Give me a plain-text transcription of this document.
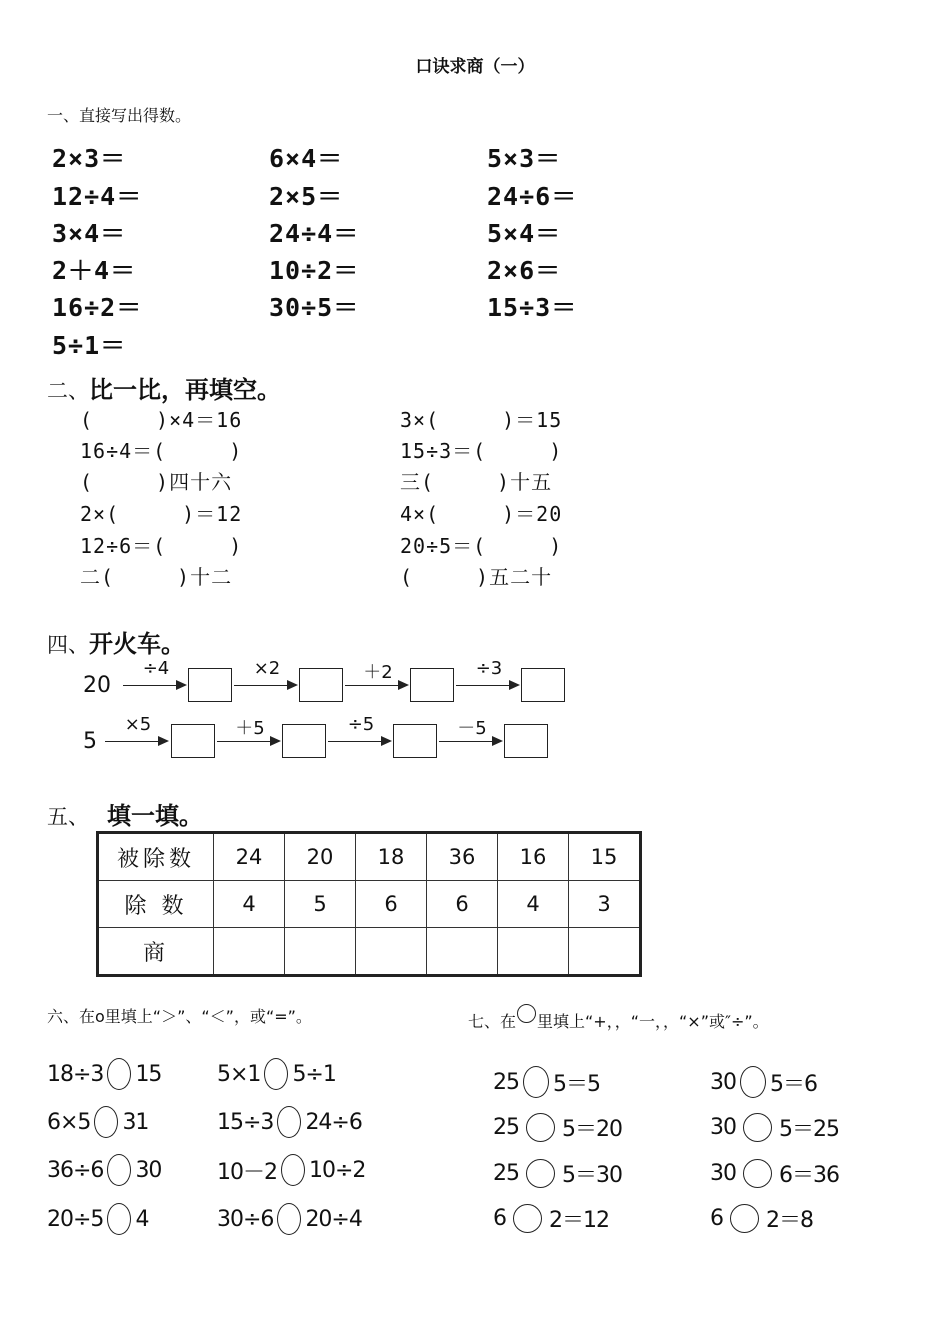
口诀求商（一）
一、直接写出得数。
2×3＝
12÷4＝
3×4＝
2＋4＝
16÷2＝
5÷1＝
6×4＝
2×5＝
24÷4＝
10÷2＝
30÷5＝
5×3＝
24÷6＝
5×4＝
2×6＝
15÷3＝
二、比一比，再填空。
(　　　)×4＝16
16÷4＝(　　　)
(　　　)四十六
2×(　　　)＝12
12÷6＝(　　　)
二(　　　)十二
3×(　　　)＝15
15÷3＝(　　　)
三(　　　)十五
4×(　　　)＝20
20÷5＝(　　　)
(　　　)五二十
四、开火车。
20
÷4	×2	＋2	÷3
5
×5	＋5	÷5	－5
五、 填一填。
被除数	24	20	18	36	16	15
除 数	4	5	6	6	4	3
商						
六、在o里填上“＞”、“＜”，或“=”。
18÷3 15
6×5 31
36÷6 30
20÷5 4
5×1 5÷1
15÷3 24÷6
10－2 10÷2
30÷6 20÷4
七、在 里填上“+，，“一，，“×”或″÷”。
25 5＝5
25 5＝20
25 5＝30
6 2＝12
30 5＝6
30 5＝25
30 6＝36
6 2＝8
